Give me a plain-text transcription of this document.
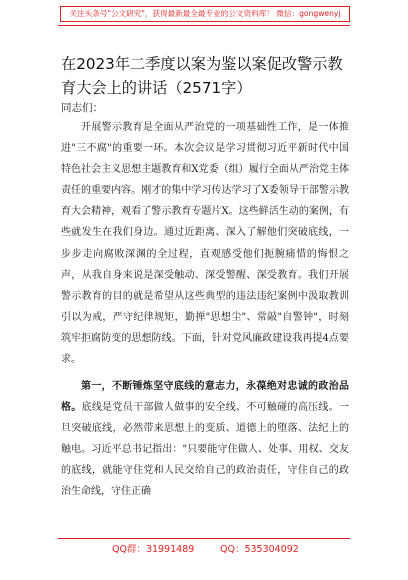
关注头条号"公文研究"，获得最新最全最专业的公文资料库！ 微信：gongwenyj
在2023年二季度以案为鉴以案促改警示教育大会上的讲话（2571字）
同志们：

开展警示教育是全面从严治党的一项基础性工作，是一体推进"三不腐"的重要一环。本次会议是学习贯彻习近平新时代中国特色社会主义思想主题教育和X党委（组）履行全面从严治党主体责任的重要内容。刚才的集中学习传达学习了X委领导干部警示教育大会精神，观看了警示教育专题片X。这些鲜活生动的案例，有些就发生在我们身边。通过近距离、深入了解他们突破底线，一步步走向腐败深渊的全过程，直观感受他们扼腕痛惜的悔恨之声，从我自身来说是深受触动、深受警醒、深受教育。我们开展警示教育的目的就是希望从这些典型的违法违纪案例中汲取教训引以为戒，严守纪律规矩，勤掸"思想尘"、常敲"自警钟"，时刻筑牢拒腐防变的思想防线。下面，针对党风廉政建设我再提4点要求。

第一，不断锤炼坚守底线的意志力，永葆绝对忠诚的政治品格。底线是党员干部做人做事的安全线、不可触碰的高压线。一旦突破底线，必然带来思想上的变质、道德上的堕落、法纪上的触电。习近平总书记指出："只要能守住做人、处事、用权、交友的底线，就能守住党和人民交给自己的政治责任，守住自己的政治生命线，守住正确

QQ群：31991489	QQ：535304092
